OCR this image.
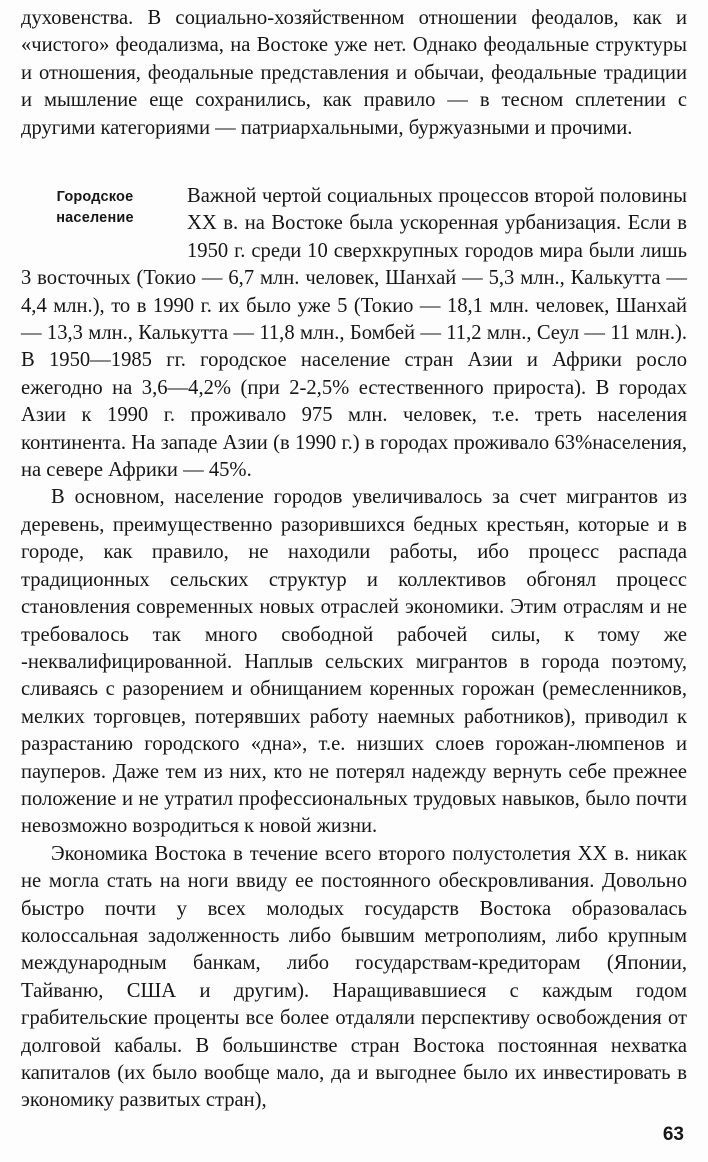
духовенства. В социально-хозяйственном отношении феодалов, как и «чистого» феодализма, на Востоке уже нет. Однако феодальные структуры и отношения, феодальные представления и обычаи, феодальные традиции и мышление еще сохранились, как правило — в тесном сплетении с другими категориями — патриархальными, буржуазными и прочими.

Городское
население

Важной чертой социальных процессов второй половины XX в. на Востоке была ускоренная урбанизация. Если в 1950 г. среди 10 сверхкрупных городов мира были лишь 3 восточных (Токио — 6,7 млн. человек, Шанхай — 5,3 млн., Калькутта — 4,4 млн.), то в 1990 г. их было уже 5 (Токио — 18,1 млн. человек, Шанхай — 13,3 млн., Калькутта — 11,8 млн., Бомбей — 11,2 млн., Сеул — 11 млн.). В 1950—1985 гг. городское население стран Азии и Африки росло ежегодно на 3,6—4,2% (при 2-2,5% естественного прироста). В городах Азии к 1990 г. проживало 975 млн. человек, т.е. треть населения континента. На западе Азии (в 1990 г.) в городах проживало 63%населения, на севере Африки — 45%.

В основном, население городов увеличивалось за счет мигрантов из деревень, преимущественно разорившихся бедных крестьян, которые и в городе, как правило, не находили работы, ибо процесс распада традиционных сельских структур и коллективов обгонял процесс становления современных новых отраслей экономики. Этим отраслям и не требовалось так много свободной рабочей силы, к тому же -неквалифицированной. Наплыв сельских мигрантов в города поэтому, сливаясь с разорением и обнищанием коренных горожан (ремесленников, мелких торговцев, потерявших работу наемных работников), приводил к разрастанию городского «дна», т.е. низших слоев горожан-люмпенов и пауперов. Даже тем из них, кто не потерял надежду вернуть себе прежнее положение и не утратил профессиональных трудовых навыков, было почти невозможно возродиться к новой жизни.

Экономика Востока в течение всего второго полустолетия XX в. никак не могла стать на ноги ввиду ее постоянного обескровливания. Довольно быстро почти у всех молодых государств Востока образовалась колоссальная задолженность либо бывшим метрополиям, либо крупным международным банкам, либо государствам-кредиторам (Японии, Тайваню, США и другим). Наращивавшиеся с каждым годом грабительские проценты все более отдаляли перспективу освобождения от долговой кабалы. В большинстве стран Востока постоянная нехватка капиталов (их было вообще мало, да и выгоднее было их инвестировать в экономику развитых стран),

63
